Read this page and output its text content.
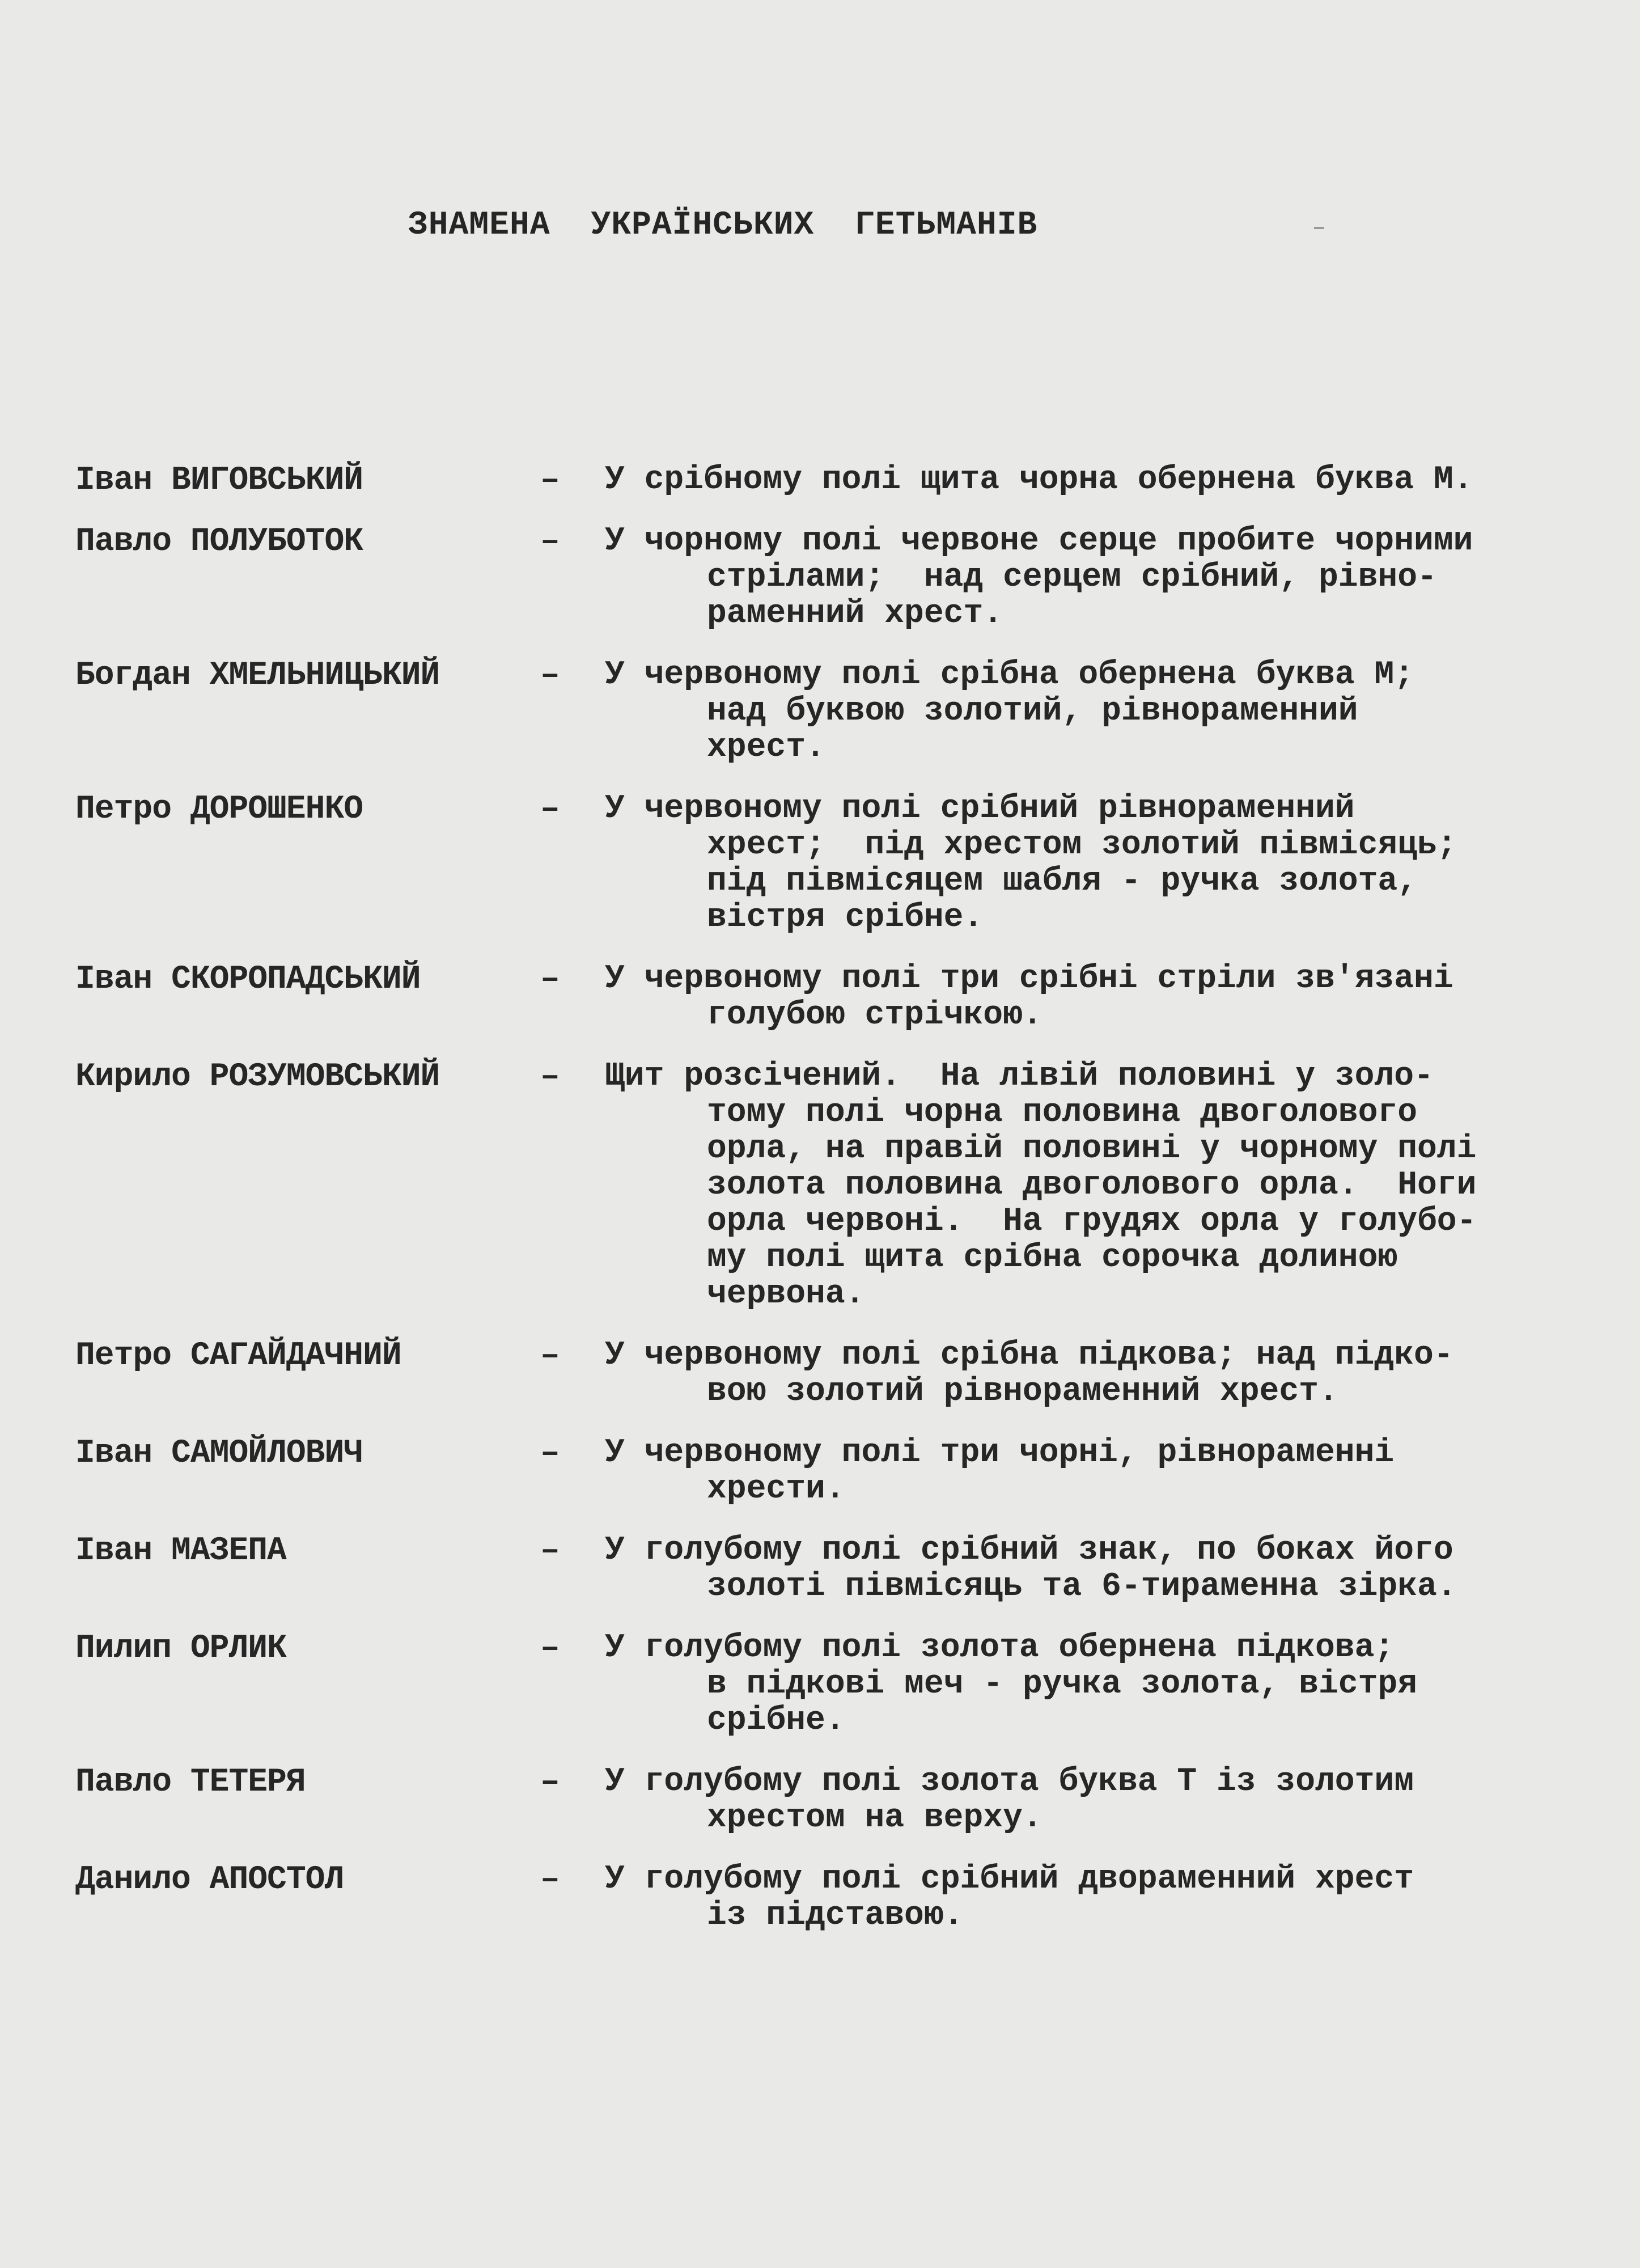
ЗНАМЕНА УКРАЇНСЬКИХ ГЕТЬМАНІВ
Іван ВИГОВСЬКИЙ	– У срібному полі щита чорна обернена буква М.
Павло ПОЛУБОТОК	– У чорному полі червоне серце пробите чорними
стрілами;  над серцем срібний, рівно-
раменний хрест.
Богдан ХМЕЛЬНИЦЬКИЙ	– У червоному полі срібна обернена буква М;
над буквою золотий, рівнораменний
хрест.
Петро ДОРОШЕНКО	– У червоному полі срібний рівнораменний
хрест;  під хрестом золотий півмісяць;
під півмісяцем шабля - ручка золота,
вістря срібне.
Іван СКОРОПАДСЬКИЙ	– У червоному полі три срібні стріли зв'язані
голубою стрічкою.
Кирило РОЗУМОВСЬКИЙ	– Щит розсічений.  На лівій половині у золо-
тому полі чорна половина двоголового
орла, на правій половині у чорному полі
золота половина двоголового орла.  Ноги
орла червоні.  На грудях орла у голубо-
му полі щита срібна сорочка долиною
червона.
Петро САГАЙДАЧНИЙ	– У червоному полі срібна підкова; над підко-
вою золотий рівнораменний хрест.
Іван САМОЙЛОВИЧ	– У червоному полі три чорні, рівнораменні
хрести.
Іван МАЗЕПА	– У голубому полі срібний знак, по боках його
золоті півмісяць та 6-тираменна зірка.
Пилип ОРЛИК	– У голубому полі золота обернена підкова;
в підкові меч - ручка золота, вістря
срібне.
Павло ТЕТЕРЯ	– У голубому полі золота буква Т із золотим
хрестом на верху.
Данило АПОСТОЛ	– У голубому полі срібний двораменний хрест
із підставою.
